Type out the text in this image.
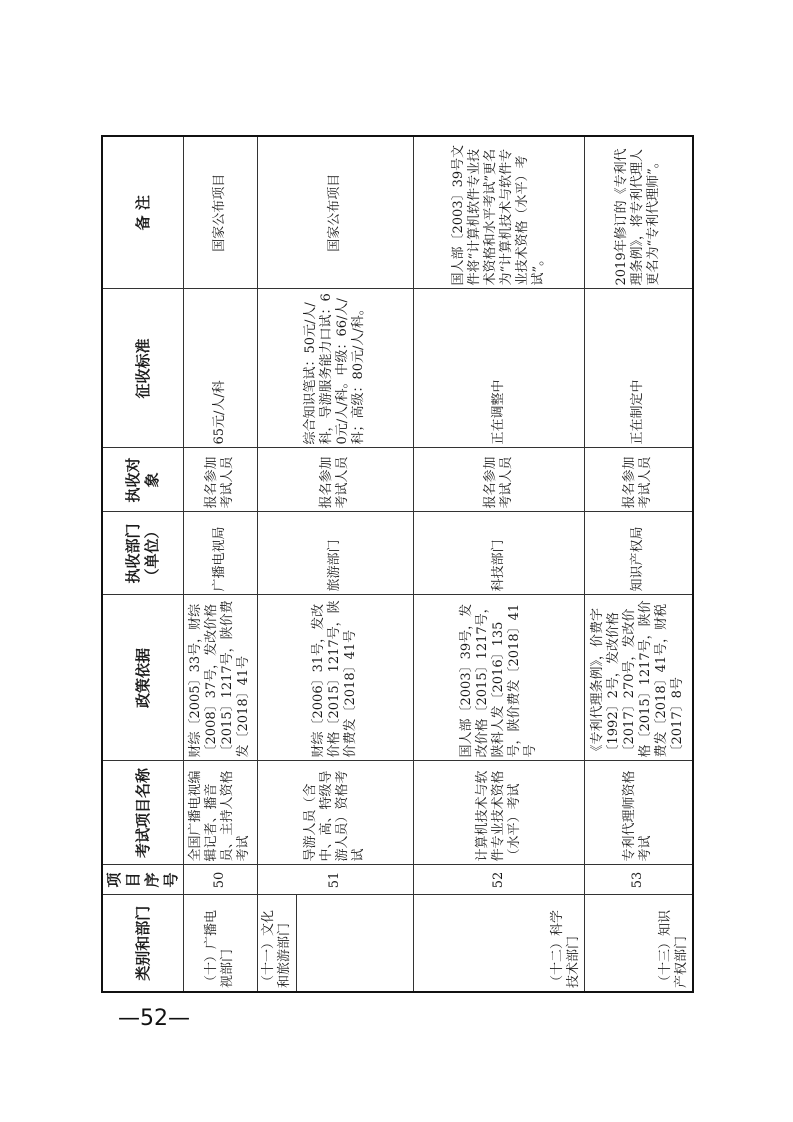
类别和部门	项目 序号	考试项目名称	政策依据	执收部门 （单位）	执收对象	征收标准	备 注
（十）广播电视部门	50	全国广播电视编辑记者、播音员、主持人资格考试	财综〔2005〕33号，财综〔2008〕37号，发改价格〔2015〕1217号，陕价费发〔2018〕41号	广播电视局	报名参加考试人员	65元/人/科	国家公布项目
（十一）文化和旅游部门	51	导游人员（含中、高、特级导游人员）资格考试	财综〔2006〕31号，发改价格〔2015〕1217号，陕价费发〔2018〕41号	旅游部门	报名参加考试人员	综合知识笔试：50元/人/科，导游服务能力口试：60元/人/科。中级：66/人/科；高级：80元/人/科。	国家公布项目

（十二）科学技术部门	52	计算机技术与软件专业技术资格（水平）考试	国人部〔2003〕39号，发改价格〔2015〕1217号，陕科人发〔2016〕135号，陕价费发〔2018〕41号	科技部门	报名参加考试人员	正在调整中	国人部〔2003〕39号文件将“计算机软件专业技术资格和水平考试”更名为“计算机技术与软件专业技术资格（水平）考试”。
（十三）知识产权部门	53	专利代理师资格考试	《专利代理条例》，价费字〔1992〕2号，发改价格〔2017〕270号，发改价格〔2015〕1217号，陕价费发〔2018〕41号，财税〔2017〕8号	知识产权局	报名参加考试人员	正在制定中	2019年修订的《专利代理条例》，将专利代理人更名为“专利代理师”。
—52—
